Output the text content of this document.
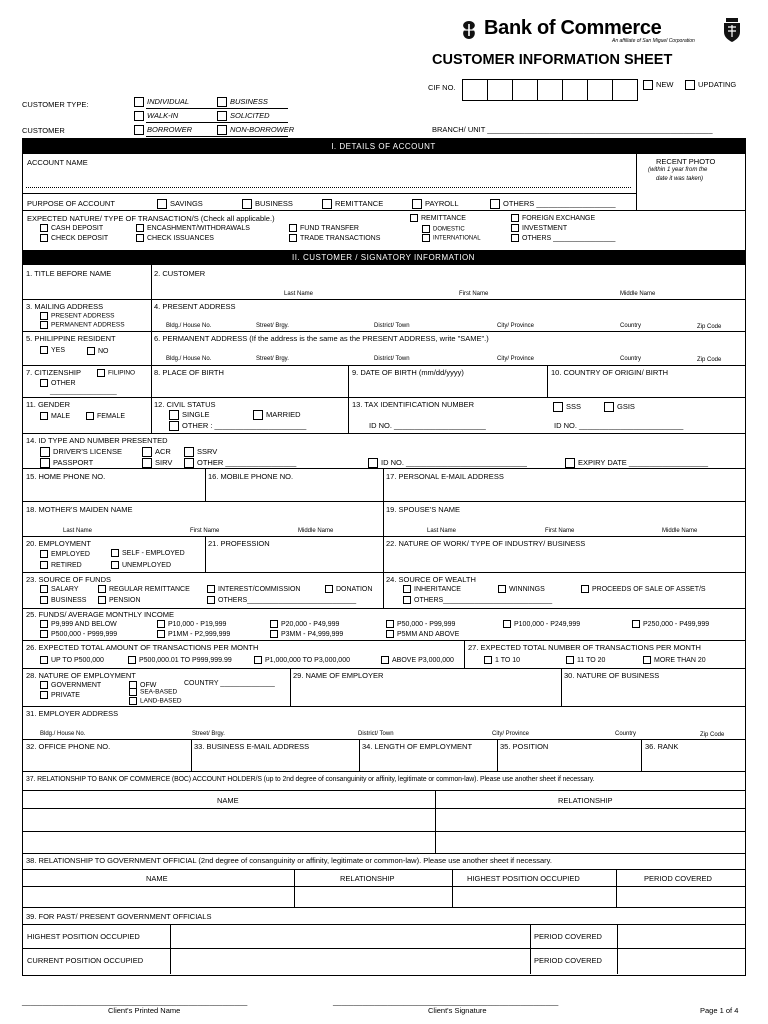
Bank of Commerce
An affiliate of San Miguel Corporation
CUSTOMER INFORMATION SHEET
CIF NO.	NEW	UPDATING
CUSTOMER TYPE:
CUSTOMER
INDIVIDUAL	BUSINESS
WALK-IN	SOLICITED
BORROWER	NON-BORROWER	BRANCH/ UNIT ______________________________________________________
I. DETAILS OF ACCOUNT
ACCOUNT NAME	RECENT PHOTO
(within 1 year from the
date it was taken)
PURPOSE OF ACCOUNT	SAVINGS	BUSINESS	REMITTANCE	PAYROLL	OTHERS ___________________
EXPECTED NATURE/ TYPE OF TRANSACTION/S (Check all applicable.)
CASH DEPOSIT
CHECK DEPOSIT
ENCASHMENT/WITHDRAWALS
CHECK ISSUANCES
FUND TRANSFER
TRADE TRANSACTIONS
REMITTANCE
DOMESTIC
INTERNATIONAL
FOREIGN EXCHANGE
INVESTMENT
OTHERS ________________
II. CUSTOMER / SIGNATORY INFORMATION
1. TITLE BEFORE NAME	2. CUSTOMER
Last Name	First Name	Middle Name
3. MAILING ADDRESS
PRESENT ADDRESS
PERMANENT ADDRESS
4. PRESENT ADDRESS
Bldg./ House No.	Street/ Brgy.	District/ Town	City/ Province	Country	Zip Code
5. PHILIPPINE RESIDENT
YES	NO
6. PERMANENT ADDRESS (If the address is the same as the PRESENT ADDRESS, write "SAME".)
Bldg./ House No.	Street/ Brgy.	District/ Town	City/ Province	Country	Zip Code
7. CITIZENSHIP	FILIPINO
OTHER
____________________
8. PLACE OF BIRTH	9. DATE OF BIRTH (mm/dd/yyyy)	10. COUNTRY OF ORIGIN/ BIRTH
11. GENDER
MALE	FEMALE
12. CIVIL STATUS
SINGLE	MARRIED
OTHER : ______________________
13. TAX IDENTIFICATION NUMBER	SSS	GSIS
ID NO. ______________________	ID NO. _________________________
14. ID TYPE AND NUMBER PRESENTED
DRIVER'S LICENSE	ACR	SSRV
PASSPORT	SIRV	OTHER _________________	ID NO. _____________________________	EXPIRY DATE ___________________
15. HOME PHONE NO.	16. MOBILE PHONE NO.	17. PERSONAL E-MAIL ADDRESS
18. MOTHER'S MAIDEN NAME	19. SPOUSE'S NAME
Last Name	First Name	Middle Name	Last Name	First Name	Middle Name
20. EMPLOYMENT
EMPLOYED	SELF - EMPLOYED
RETIRED	UNEMPLOYED
21. PROFESSION	22. NATURE OF WORK/ TYPE OF INDUSTRY/ BUSINESS
23. SOURCE OF FUNDS
SALARY	REGULAR REMITTANCE	INTEREST/COMMISSION	DONATION
BUSINESS	PENSION	OTHERS____________________________
24. SOURCE OF WEALTH
INHERITANCE	WINNINGS	PROCEEDS OF SALE OF ASSET/S
OTHERS____________________________
25. FUNDS/ AVERAGE MONTHLY INCOME
P9,999 AND BELOW	P10,000 - P19,999	P20,000 - P49,999	P50,000 - P99,999	P100,000 - P249,999	P250,000 - P499,999
P500,000 - P999,999	P1MM - P2,999,999	P3MM - P4,999,999	P5MM AND ABOVE
26. EXPECTED TOTAL AMOUNT OF TRANSACTIONS PER MONTH
UP TO P500,000	P500,000.01 TO P999,999.99	P1,000,000 TO P3,000,000	ABOVE P3,000,000
27. EXPECTED TOTAL NUMBER OF TRANSACTIONS PER MONTH
1 TO 10	11 TO 20	MORE THAN 20
28. NATURE OF EMPLOYMENT
GOVERNMENT	OFW	COUNTRY ______________
PRIVATE	SEA-BASED
LAND-BASED
29. NAME OF EMPLOYER	30. NATURE OF BUSINESS
31. EMPLOYER ADDRESS
Bldg./ House No.	Street/ Brgy.	District/ Town	City/ Province	Country	Zip Code
32. OFFICE PHONE NO.	33. BUSINESS E-MAIL ADDRESS	34. LENGTH OF EMPLOYMENT	35. POSITION	36. RANK
37. RELATIONSHIP TO BANK OF COMMERCE (BOC) ACCOUNT HOLDER/S (up to 2nd degree of consanguinity or affinity, legitimate or common-law). Please use another sheet if necessary.
NAME	RELATIONSHIP
38. RELATIONSHIP TO GOVERNMENT OFFICIAL (2nd degree of consanguinity or affinity, legitimate or common-law). Please use another sheet if necessary.
NAME	RELATIONSHIP	HIGHEST POSITION OCCUPIED	PERIOD COVERED
39. FOR PAST/ PRESENT GOVERNMENT OFFICIALS
HIGHEST POSITION OCCUPIED	PERIOD COVERED
CURRENT POSITION OCCUPIED	PERIOD COVERED
______________________________________________________
Client's Printed Name
______________________________________________________
Client's Signature	Page 1 of 4
